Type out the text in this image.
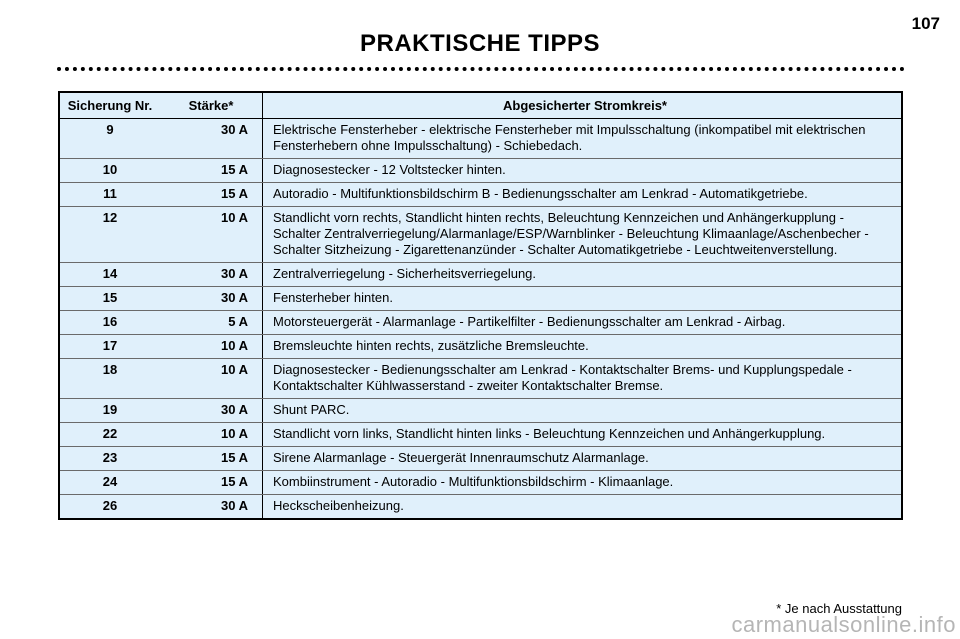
107
PRAKTISCHE TIPPS
Sicherung Nr.	Stärke*	Abgesicherter Stromkreis*
9	30 A	Elektrische Fensterheber - elektrische Fensterheber mit Impulsschaltung (inkompatibel mit elektrischen Fensterhebern ohne Impulsschaltung) - Schiebedach.
10	15 A	Diagnosestecker - 12 Voltstecker hinten.
11	15 A	Autoradio - Multifunktionsbildschirm B - Bedienungsschalter am Lenkrad - Automatikgetriebe.
12	10 A	Standlicht vorn rechts, Standlicht hinten rechts, Beleuchtung Kennzeichen und Anhängerkupplung - Schalter Zentralverriegelung/Alarmanlage/ESP/Warnblinker - Beleuchtung Klimaanlage/Aschenbecher - Schalter Sitzheizung - Zigarettenanzünder - Schalter Automatikgetriebe - Leuchtweitenverstellung.
14	30 A	Zentralverriegelung - Sicherheitsverriegelung.
15	30 A	Fensterheber hinten.
16	5 A	Motorsteuergerät - Alarmanlage - Partikelfilter - Bedienungsschalter am Lenkrad - Airbag.
17	10 A	Bremsleuchte hinten rechts, zusätzliche Bremsleuchte.
18	10 A	Diagnosestecker - Bedienungsschalter am Lenkrad - Kontaktschalter Brems- und Kupplungspedale - Kontaktschalter Kühlwasserstand - zweiter Kontaktschalter Bremse.
19	30 A	Shunt PARC.
22	10 A	Standlicht vorn links, Standlicht hinten links - Beleuchtung Kennzeichen und Anhängerkupplung.
23	15 A	Sirene Alarmanlage - Steuergerät Innenraumschutz Alarmanlage.
24	15 A	Kombiinstrument - Autoradio - Multifunktionsbildschirm - Klimaanlage.
26	30 A	Heckscheibenheizung.
* Je nach Ausstattung
carmanualsonline.info
